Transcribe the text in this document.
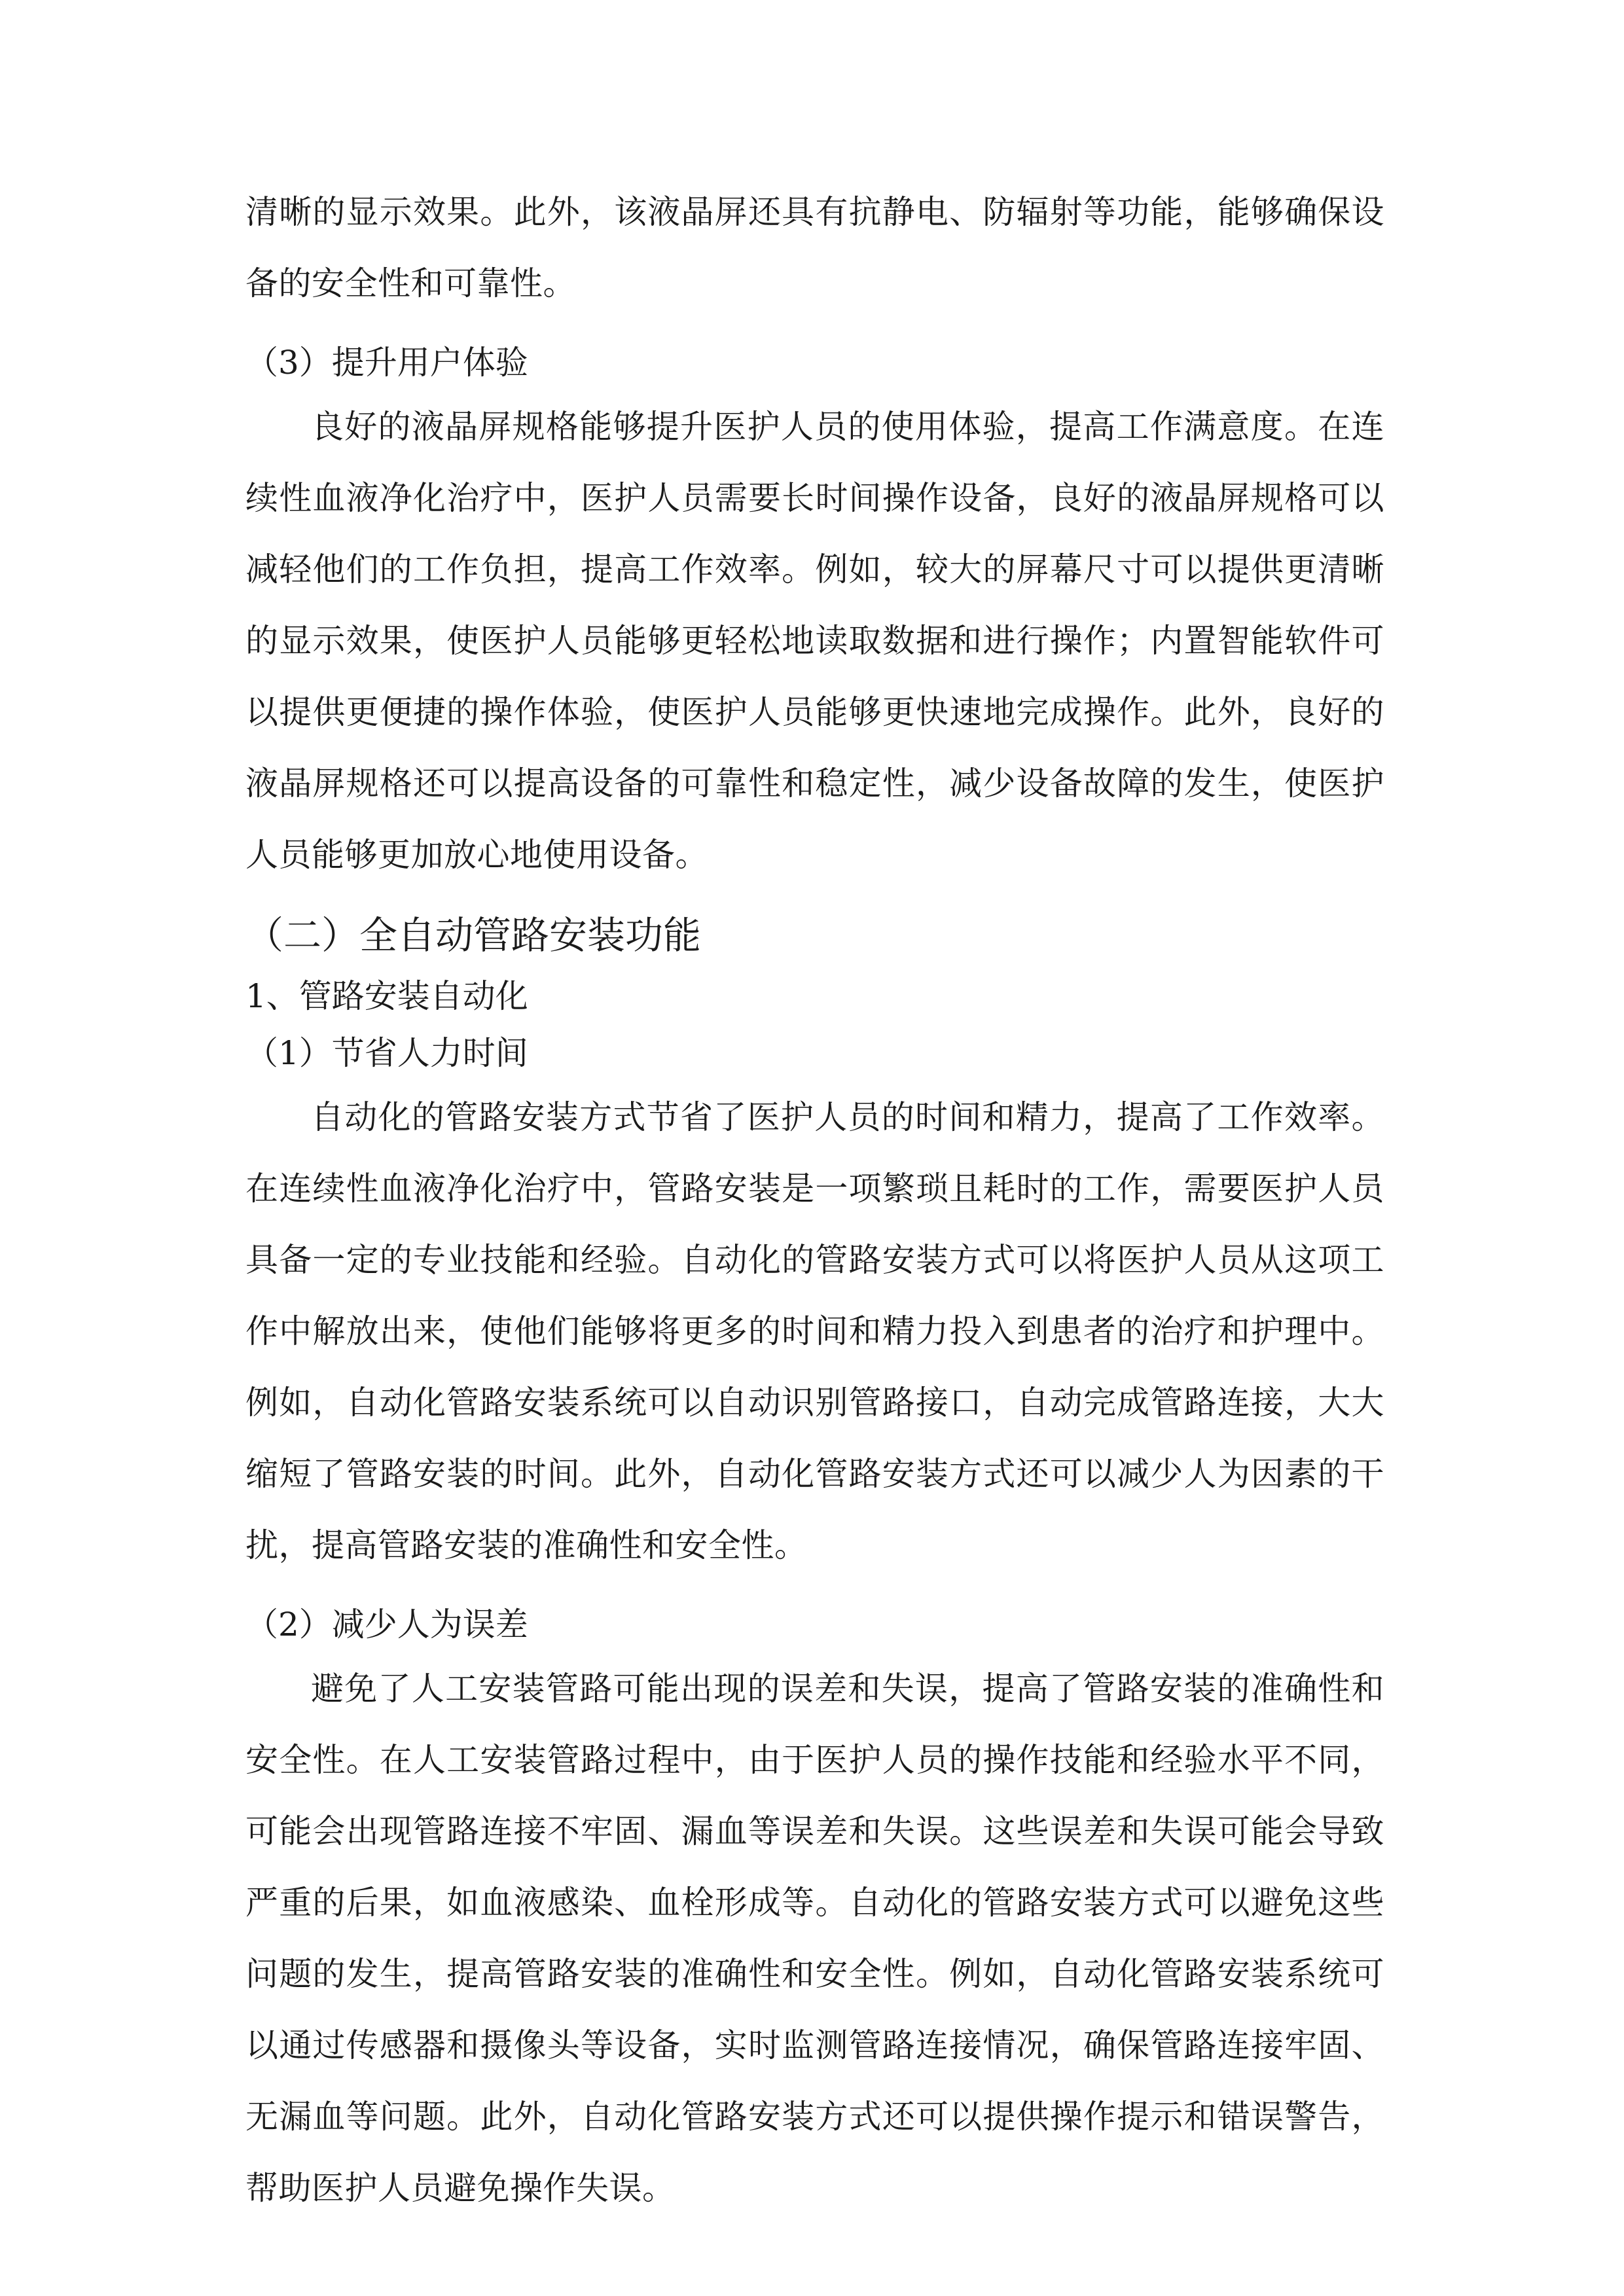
清晰的显示效果。此外，该液晶屏还具有抗静电、防辐射等功能，能够确保设备的安全性和可靠性。

（3）提升用户体验

良好的液晶屏规格能够提升医护人员的使用体验，提高工作满意度。在连续性血液净化治疗中，医护人员需要长时间操作设备，良好的液晶屏规格可以减轻他们的工作负担，提高工作效率。例如，较大的屏幕尺寸可以提供更清晰的显示效果，使医护人员能够更轻松地读取数据和进行操作；内置智能软件可以提供更便捷的操作体验，使医护人员能够更快速地完成操作。此外，良好的液晶屏规格还可以提高设备的可靠性和稳定性，减少设备故障的发生，使医护人员能够更加放心地使用设备。

（二）全自动管路安装功能

1、管路安装自动化

（1）节省人力时间

自动化的管路安装方式节省了医护人员的时间和精力，提高了工作效率。在连续性血液净化治疗中，管路安装是一项繁琐且耗时的工作，需要医护人员具备一定的专业技能和经验。自动化的管路安装方式可以将医护人员从这项工作中解放出来，使他们能够将更多的时间和精力投入到患者的治疗和护理中。例如，自动化管路安装系统可以自动识别管路接口，自动完成管路连接，大大缩短了管路安装的时间。此外，自动化管路安装方式还可以减少人为因素的干扰，提高管路安装的准确性和安全性。

（2）减少人为误差

避免了人工安装管路可能出现的误差和失误，提高了管路安装的准确性和安全性。在人工安装管路过程中，由于医护人员的操作技能和经验水平不同，可能会出现管路连接不牢固、漏血等误差和失误。这些误差和失误可能会导致严重的后果，如血液感染、血栓形成等。自动化的管路安装方式可以避免这些问题的发生，提高管路安装的准确性和安全性。例如，自动化管路安装系统可以通过传感器和摄像头等设备，实时监测管路连接情况，确保管路连接牢固、无漏血等问题。此外，自动化管路安装方式还可以提供操作提示和错误警告，帮助医护人员避免操作失误。
